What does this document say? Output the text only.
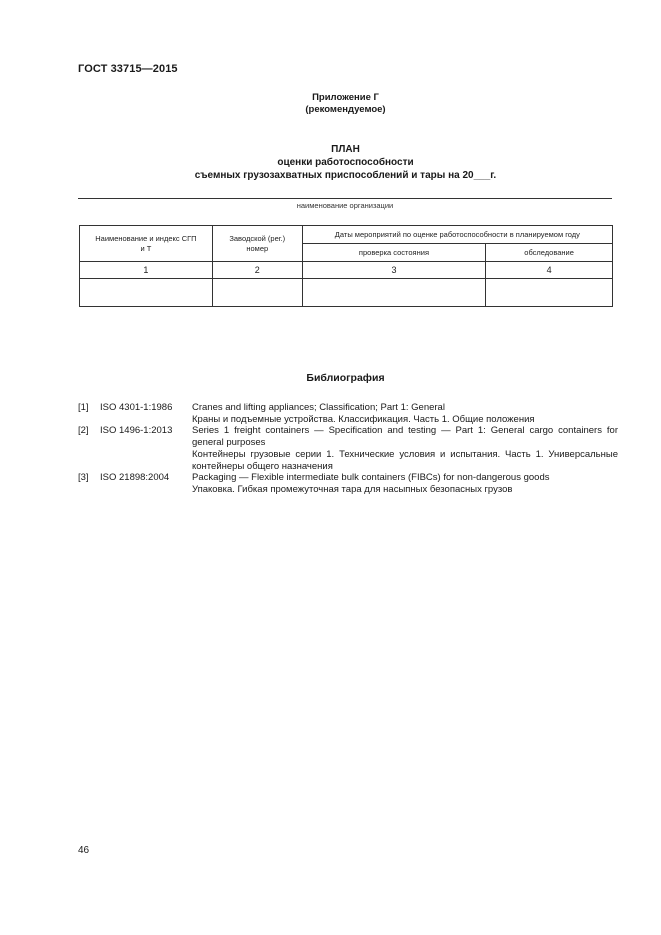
ГОСТ 33715—2015
Приложение Г
(рекомендуемое)
ПЛАН
оценки работоспособности
съемных грузозахватных приспособлений и тары на 20___г.
наименование организации
Наименование и индекс СГП и Т	Заводской (рег.) номер	Даты мероприятий по оценке работоспособности в планируемом году	
		проверка состояния	обследование
1	2	3	4

Библиография
[1]	ISO 4301-1:1986	Cranes and lifting appliances; Classification; Part 1: General
Краны и подъемные устройства. Классификация. Часть 1. Общие положения
[2]	ISO 1496-1:2013	Series 1 freight containers — Specification and testing — Part 1: General cargo containers for general purposes
Контейнеры грузовые серии 1. Технические условия и испытания. Часть 1. Универсальные контейнеры общего назначения
[3]	ISO 21898:2004	Packaging — Flexible intermediate bulk containers (FIBCs) for non-dangerous goods
Упаковка. Гибкая промежуточная тара для насыпных безопасных грузов
46
